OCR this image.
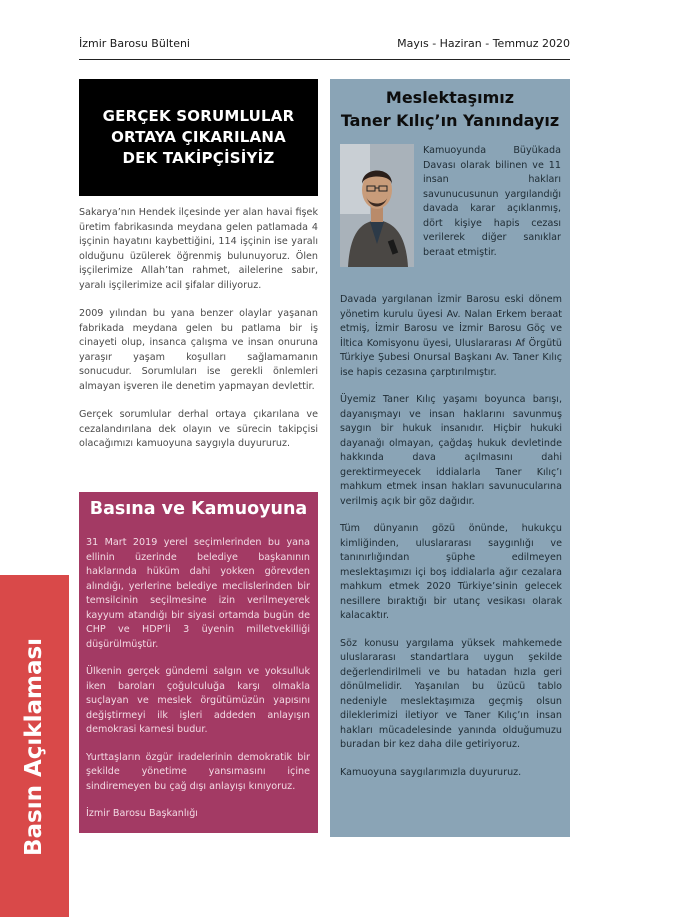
İzmir Barosu Bülteni	Mayıs - Haziran - Temmuz 2020
GERÇEK SORUMLULAR
ORTAYA ÇIKARILANA
DEK TAKİPÇİSİYİZ

Sakarya’nın Hendek ilçesinde yer alan havai fişek üretim fabrikasında meydana gelen patlamada 4 işçinin hayatını kaybettiğini, 114 işçinin ise yaralı olduğunu üzülerek öğrenmiş bulunuyoruz. Ölen işçilerimize Allah’tan rahmet, ailelerine sabır, yaralı işçilerimize acil şifalar diliyoruz.

2009 yılından bu yana benzer olaylar yaşanan fabrikada meydana gelen bu patlama bir iş cinayeti olup, insanca çalışma ve insan onuruna yaraşır yaşam koşulları sağlamamanın sonucudur. Sorumluları ise gerekli önlemleri almayan işveren ile denetim yapmayan devlettir.

Gerçek sorumlular derhal ortaya çıkarılana ve cezalandırılana dek olayın ve sürecin takipçisi olacağımızı kamuoyuna saygıyla duyururuz.

Basına ve Kamuoyuna

31 Mart 2019 yerel seçimlerinden bu yana ellinin üzerinde belediye başkanının haklarında hüküm dahi yokken görevden alındığı, yerlerine belediye meclislerinden bir temsilcinin seçilmesine izin verilmeyerek kayyum atandığı bir siyasi ortamda bugün de CHP ve HDP’li 3 üyenin milletvekilliği düşürülmüştür.

Ülkenin gerçek gündemi salgın ve yoksulluk iken baroları çoğulculuğa karşı olmakla suçlayan ve meslek örgütümüzün yapısını değiştirmeyi ilk işleri addeden anlayışın demokrasi karnesi budur.

Yurttaşların özgür iradelerinin demokratik bir şekilde yönetime yansımasını içine sindiremeyen bu çağ dışı anlayışı kınıyoruz.

İzmir Barosu Başkanlığı

Meslektaşımız
Taner Kılıç’ın Yanındayız

Kamuoyunda Büyükada Davası olarak bilinen ve 11 insan hakları savunucusunun yargılandığı davada karar açıklanmış, dört kişiye hapis cezası verilerek diğer sanıklar beraat etmiştir.

Davada yargılanan İzmir Barosu eski dönem yönetim kurulu üyesi Av. Nalan Erkem beraat etmiş, İzmir Barosu ve İzmir Barosu Göç ve İltica Komisyonu üyesi, Uluslararası Af Örgütü Türkiye Şubesi Onursal Başkanı Av. Taner Kılıç ise hapis cezasına çarptırılmıştır.

Üyemiz Taner Kılıç yaşamı boyunca barışı, dayanışmayı ve insan haklarını savunmuş saygın bir hukuk insanıdır. Hiçbir hukuki dayanağı olmayan, çağdaş hukuk devletinde hakkında dava açılmasını dahi gerektirmeyecek iddialarla Taner Kılıç’ı mahkum etmek insan hakları savunucularına verilmiş açık bir göz dağıdır.

Tüm dünyanın gözü önünde, hukukçu kimliğinden, uluslararası saygınlığı ve tanınırlığından şüphe edilmeyen meslektaşımızı içi boş iddialarla ağır cezalara mahkum etmek 2020 Türkiye’sinin gelecek nesillere bıraktığı bir utanç vesikası olarak kalacaktır.

Söz konusu yargılama yüksek mahkemede uluslararası standartlara uygun şekilde değerlendirilmeli ve bu hatadan hızla geri dönülmelidir. Yaşanılan bu üzücü tablo nedeniyle meslektaşımıza geçmiş olsun dileklerimizi iletiyor ve Taner Kılıç’ın insan hakları mücadelesinde yanında olduğumuzu buradan bir kez daha dile getiriyoruz.

Kamuoyuna saygılarımızla duyururuz.

Basın Açıklaması
